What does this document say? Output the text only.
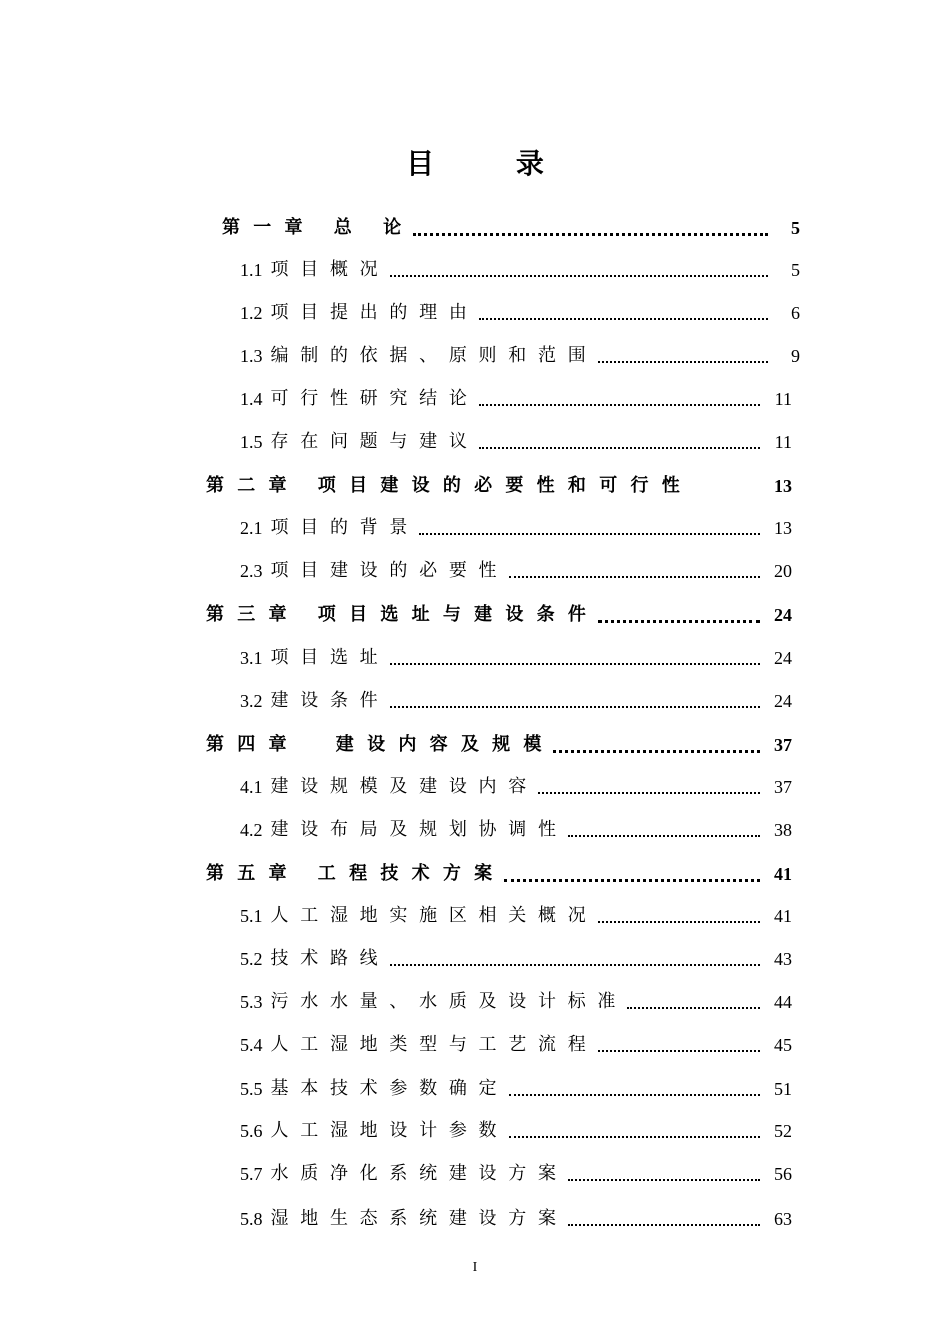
目 录
第 一 章 　总 　论	5
1.1 项 目 概 况	5
1.2 项 目 提 出 的 理 由	6
1.3 编 制 的 依 据 、 原 则 和 范 围	9
1.4 可 行 性 研 究 结 论	11
1.5 存 在 问 题 与 建 议	11
第 二 章 　项 目 建 设 的 必 要 性 和 可 行 性	13
2.1 项 目 的 背 景	13
2.3 项 目 建 设 的 必 要 性	20
第 三 章 　项 目 选 址 与 建 设 条 件	24
3.1 项 目 选 址	24
3.2 建 设 条 件	24
第 四 章 　　建 设 内 容 及 规 模	37
4.1 建 设 规 模 及 建 设 内 容	37
4.2 建 设 布 局 及 规 划 协 调 性	38
第 五 章 　工 程 技 术 方 案	41
5.1 人 工 湿 地 实 施 区 相 关 概 况	41
5.2 技 术 路 线	43
5.3 污 水 水 量 、 水 质 及 设 计 标 准	44
5.4 人 工 湿 地 类 型 与 工 艺 流 程	45
5.5 基 本 技 术 参 数 确 定	51
5.6 人 工 湿 地 设 计 参 数	52
5.7 水 质 净 化 系 统 建 设 方 案	56
5.8 湿 地 生 态 系 统 建 设 方 案	63
I
